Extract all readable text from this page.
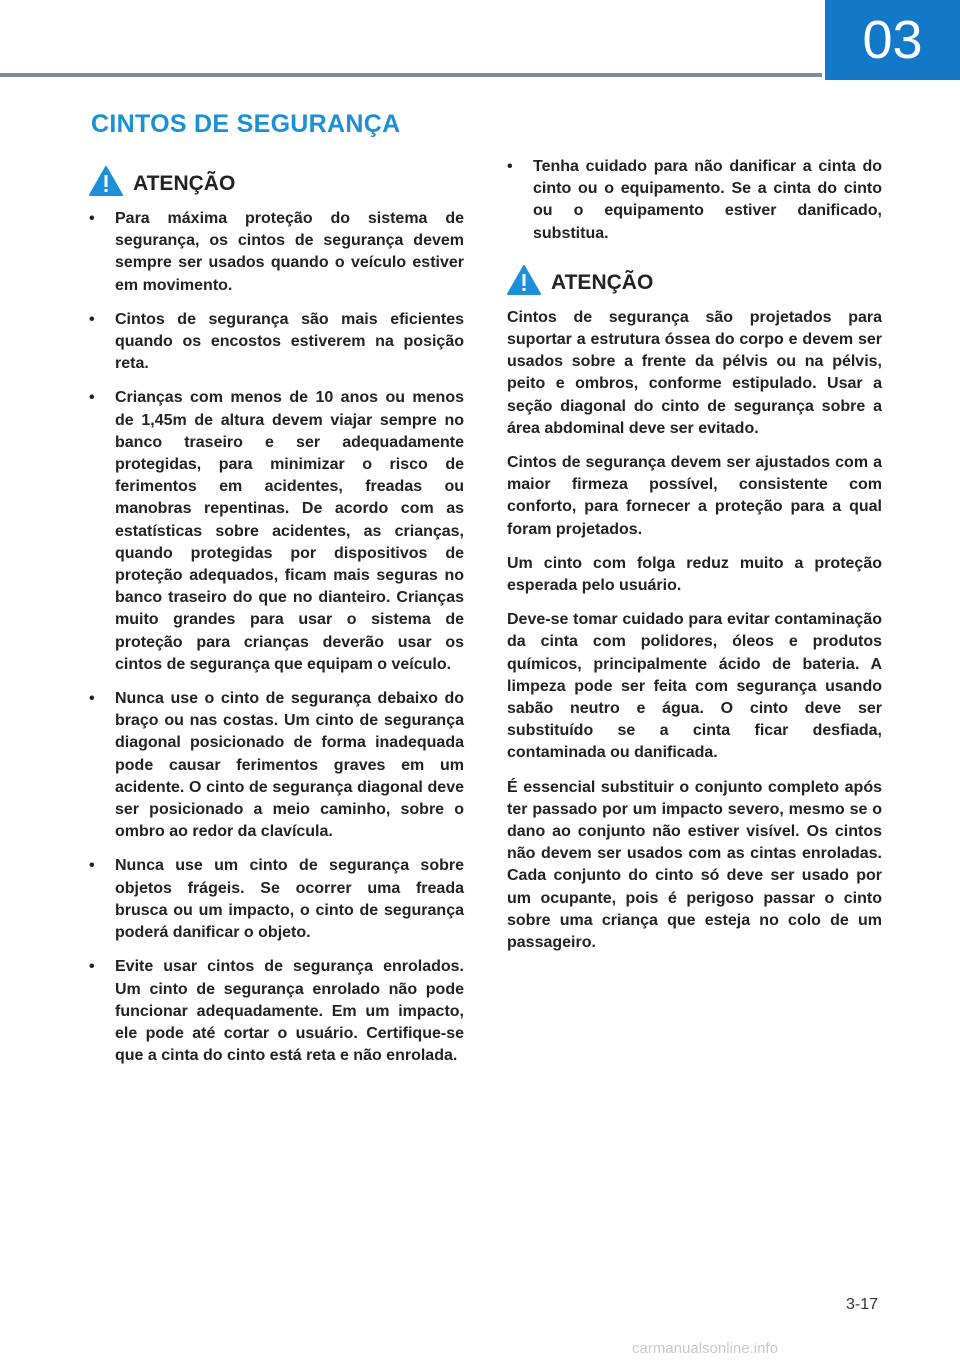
03
CINTOS DE SEGURANÇA
ATENÇÃO
•	Para máxima proteção do sistema de segurança, os cintos de segurança devem sempre ser usados quando o veículo estiver em movimento.
•	Cintos de segurança são mais eficientes quando os encostos estiverem na posição reta.
•	Crianças com menos de 10 anos ou menos de 1,45m de altura devem viajar sempre no banco traseiro e ser adequadamente protegidas, para minimizar o risco de ferimentos em acidentes, freadas ou manobras repentinas. De acordo com as estatísticas sobre acidentes, as crianças, quando protegidas por dispositivos de proteção adequados, ficam mais seguras no banco traseiro do que no dianteiro. Crianças muito grandes para usar o sistema de proteção para crianças deverão usar os cintos de segurança que equipam o veículo.
•	Nunca use o cinto de segurança debaixo do braço ou nas costas. Um cinto de segurança diagonal posicionado de forma inadequada pode causar ferimentos graves em um acidente. O cinto de segurança diagonal deve ser posicionado a meio caminho, sobre o ombro ao redor da clavícula.
•	Nunca use um cinto de segurança sobre objetos frágeis. Se ocorrer uma freada brusca ou um impacto, o cinto de segurança poderá danificar o objeto.
•	Evite usar cintos de segurança enrolados. Um cinto de segurança enrolado não pode funcionar adequadamente. Em um impacto, ele pode até cortar o usuário. Certifique-se que a cinta do cinto está reta e não enrolada.
•	Tenha cuidado para não danificar a cinta do cinto ou o equipamento. Se a cinta do cinto ou o equipamento estiver danificado, substitua.
ATENÇÃO

Cintos de segurança são projetados para suportar a estrutura óssea do corpo e devem ser usados sobre a frente da pélvis ou na pélvis, peito e ombros, conforme estipulado. Usar a seção diagonal do cinto de segurança sobre a área abdominal deve ser evitado.

Cintos de segurança devem ser ajustados com a maior firmeza possível, consistente com conforto, para fornecer a proteção para a qual foram projetados.

Um cinto com folga reduz muito a proteção esperada pelo usuário.

Deve-se tomar cuidado para evitar contaminação da cinta com polidores, óleos e produtos químicos, principalmente ácido de bateria. A limpeza pode ser feita com segurança usando sabão neutro e água. O cinto deve ser substituído se a cinta ficar desfiada, contaminada ou danificada.

É essencial substituir o conjunto completo após ter passado por um impacto severo, mesmo se o dano ao conjunto não estiver visível. Os cintos não devem ser usados com as cintas enroladas. Cada conjunto do cinto só deve ser usado por um ocupante, pois é perigoso passar o cinto sobre uma criança que esteja no colo de um passageiro.

3-17
carmanualsonline.info
